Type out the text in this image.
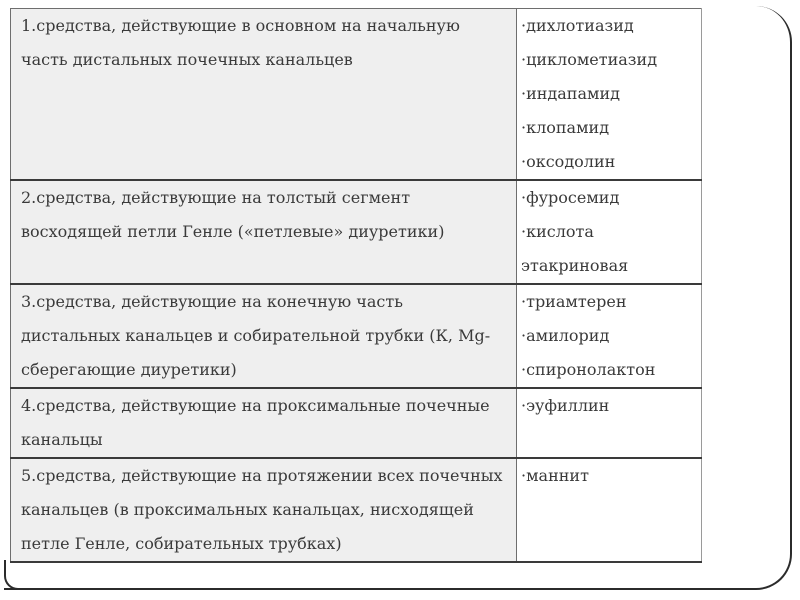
1.средства, действующие в основном на начальную часть дистальных почечных канальцев	·дихлотиазид
·циклометиазид
·индапамид
·клопамид
·оксодолин

2.средства, действующие на толстый сегмент восходящей петли Генле («петлевые» диуретики)	·фуросемид
·кислота
этакриновая

3.средства, действующие на конечную часть дистальных канальцев и собирательной трубки (К, Mg-сберегающие диуретики)	·триамтерен
·амилорид
·спиронолактон

4.средства, действующие на проксимальные почечные канальцы	·эуфиллин

5.средства, действующие на протяжении всех почечных канальцев (в проксимальных канальцах, нисходящей петле Генле, собирательных трубках)	·маннит
